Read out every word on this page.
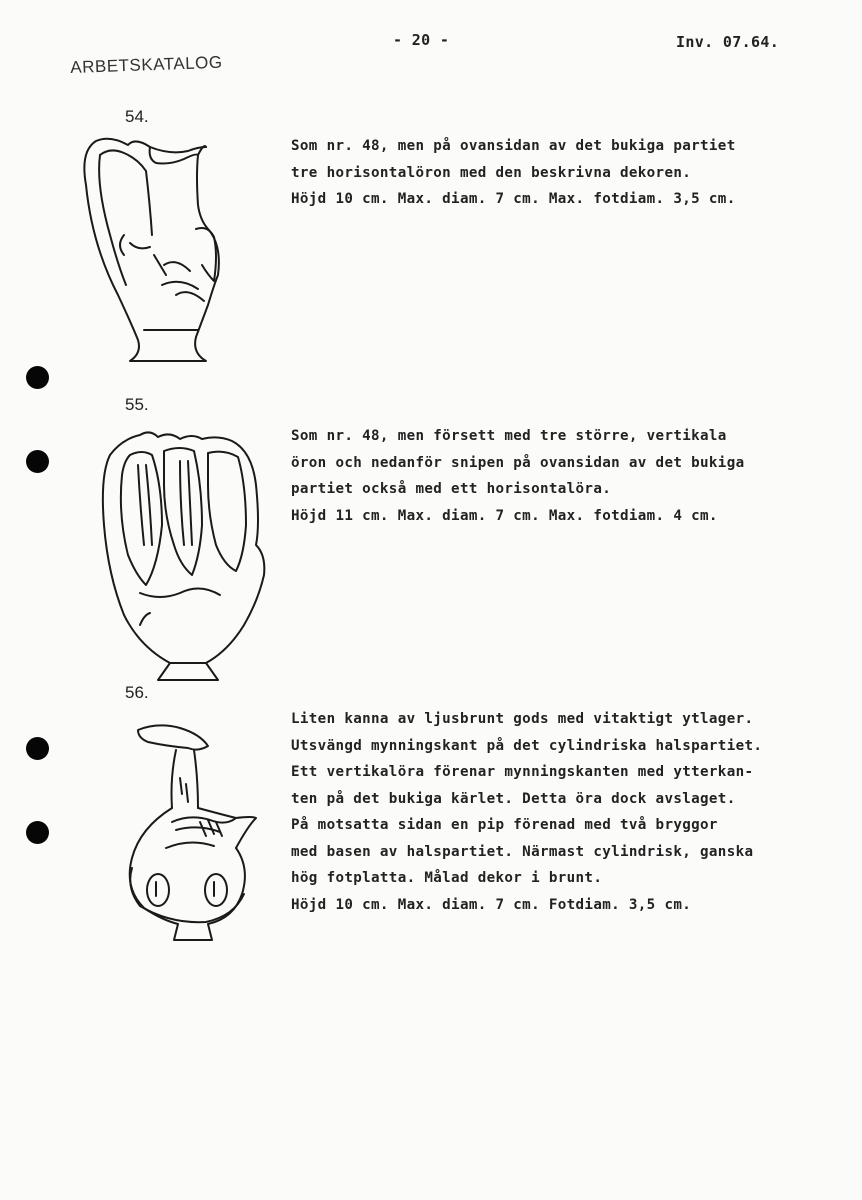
- 20 -	Inv. 07.64.
ARBETSKATALOG
54.
Som nr. 48, men på ovansidan av det bukiga partiet
tre horisontalöron med den beskrivna dekoren.
Höjd 10 cm. Max. diam. 7 cm. Max. fotdiam. 3,5 cm.
55.
Som nr. 48, men försett med tre större, vertikala
öron och nedanför snipen på ovansidan av det bukiga
partiet också med ett horisontalöra.
Höjd 11 cm. Max. diam. 7 cm. Max. fotdiam. 4 cm.
56.
Liten kanna av ljusbrunt gods med vitaktigt ytlager.
Utsvängd mynningskant på det cylindriska halspartiet.
Ett vertikalöra förenar mynningskanten med ytterkan-
ten på det bukiga kärlet. Detta öra dock avslaget.
På motsatta sidan en pip förenad med två bryggor
med basen av halspartiet. Närmast cylindrisk, ganska
hög fotplatta. Målad dekor i brunt.
Höjd 10 cm. Max. diam. 7 cm. Fotdiam. 3,5 cm.
